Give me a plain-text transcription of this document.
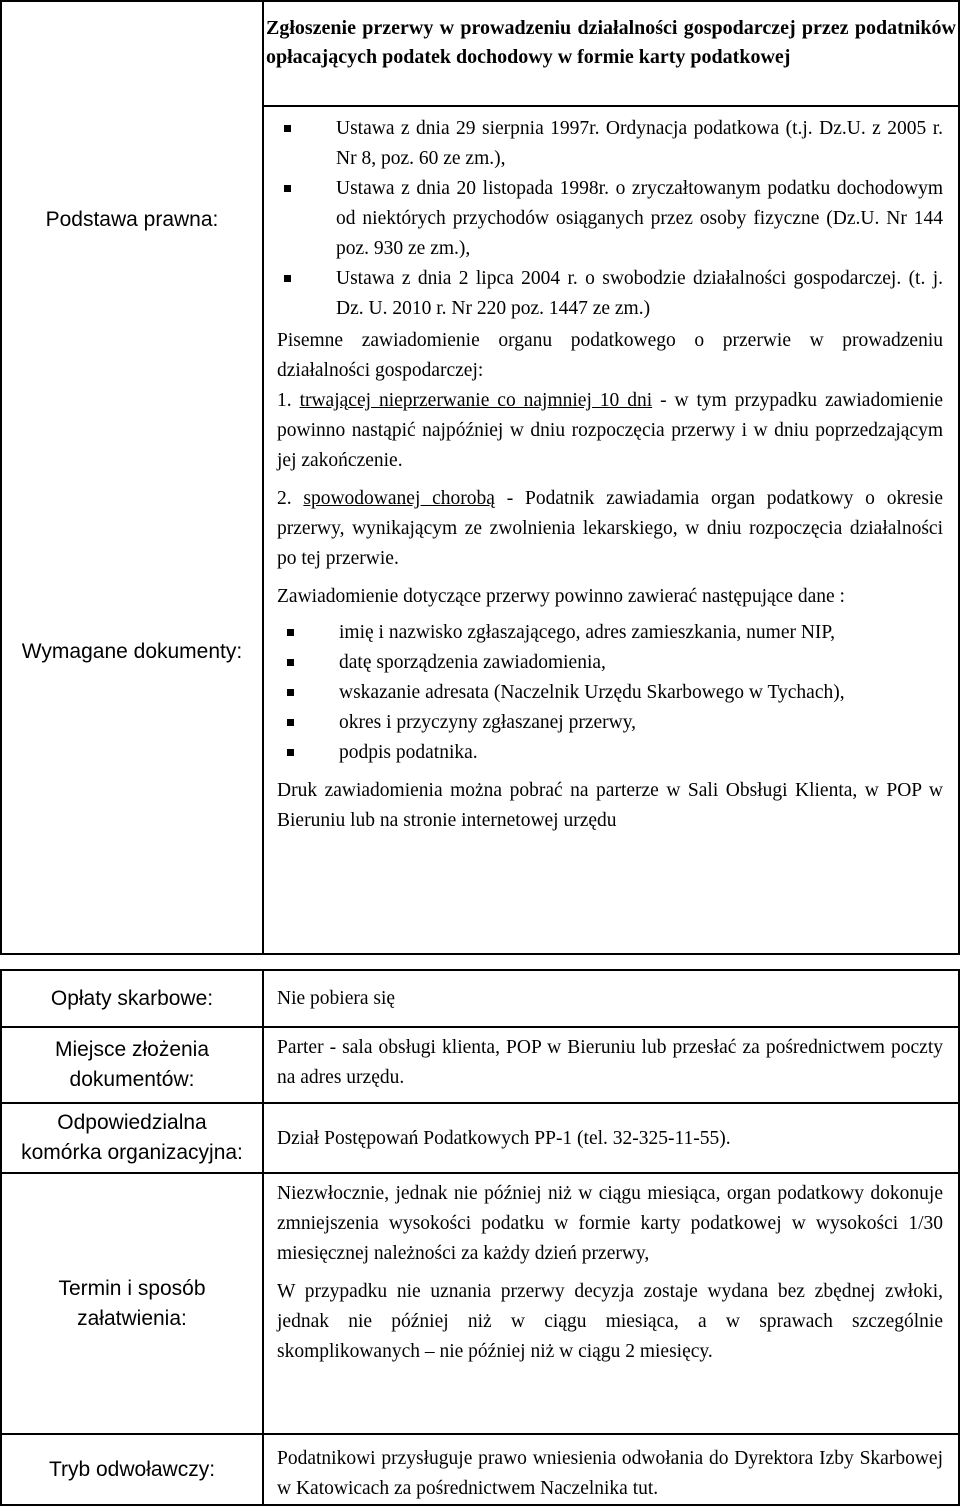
Zgłoszenie przerwy w prowadzeniu działalności gospodarczej przez podatników opłacających podatek dochodowy w formie karty podatkowej
Podstawa prawna:
Ustawa z dnia 29 sierpnia 1997r. Ordynacja podatkowa (t.j. Dz.U. z 2005 r. Nr 8, poz. 60 ze zm.),
Ustawa z dnia 20 listopada 1998r. o zryczałtowanym podatku dochodowym od niektórych przychodów osiąganych przez osoby fizyczne (Dz.U. Nr 144 poz. 930 ze zm.),
Ustawa z dnia 2 lipca 2004 r. o swobodzie działalności gospodarczej. (t. j. Dz. U. 2010 r. Nr 220 poz. 1447 ze zm.)
Wymagane dokumenty:

Pisemne zawiadomienie organu podatkowego o przerwie w prowadzeniu działalności gospodarczej:

1. trwającej nieprzerwanie co najmniej 10 dni - w tym przypadku zawiadomienie powinno nastąpić najpóźniej w dniu rozpoczęcia przerwy i w dniu poprzedzającym jej zakończenie.

2. spowodowanej chorobą - Podatnik zawiadamia organ podatkowy o okresie przerwy, wynikającym ze zwolnienia lekarskiego, w dniu rozpoczęcia działalności po tej przerwie.

Zawiadomienie dotyczące przerwy powinno zawierać następujące dane :

imię i nazwisko zgłaszającego, adres zamieszkania, numer NIP,
datę sporządzenia zawiadomienia,
wskazanie adresata (Naczelnik Urzędu Skarbowego w Tychach),
okres i przyczyny zgłaszanej przerwy,
podpis podatnika.

Druk zawiadomienia można pobrać na parterze w Sali Obsługi Klienta, w POP w Bieruniu lub na stronie internetowej urzędu

Opłaty skarbowe:	Nie pobiera się
Miejsce złożenia
dokumentów:
Parter - sala obsługi klienta, POP w Bieruniu lub przesłać za pośrednictwem poczty na adres urzędu.
Odpowiedzialna
komórka organizacyjna:
Dział Postępowań Podatkowych PP-1 (tel. 32-325-11-55).
Termin i sposób
załatwienia:

Niezwłocznie, jednak nie później niż w ciągu miesiąca, organ podatkowy dokonuje zmniejszenia wysokości podatku w formie karty podatkowej w wysokości 1/30 miesięcznej należności za każdy dzień przerwy,

W przypadku nie uznania przerwy decyzja zostaje wydana bez zbędnej zwłoki, jednak nie później niż w ciągu miesiąca, a w sprawach szczególnie skomplikowanych – nie później niż w ciągu 2 miesięcy.

Tryb odwoławczy:	Podatnikowi przysługuje prawo wniesienia odwołania do Dyrektora Izby Skarbowej w Katowicach za pośrednictwem Naczelnika tut.
